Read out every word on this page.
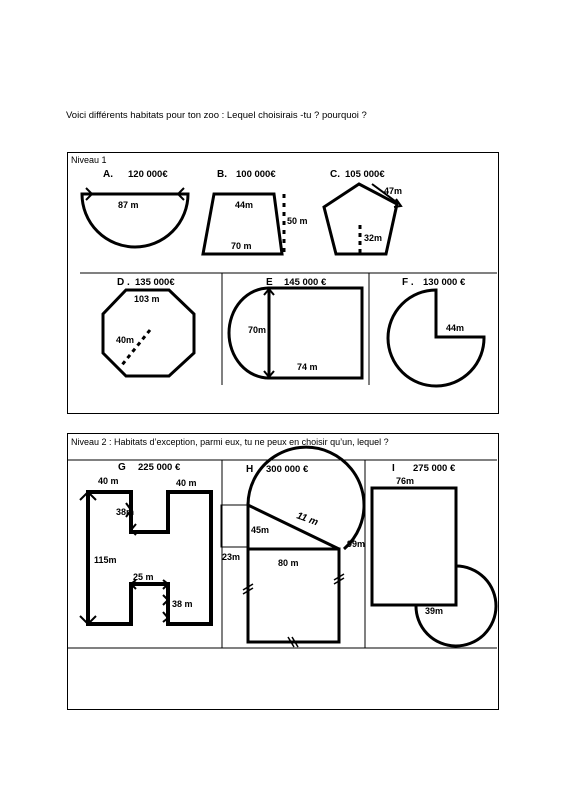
Voici différents habitats pour ton zoo : Lequel choisirais -tu ? pourquoi ?
Niveau 1
A. 120 000€
87 m
B. 100 000€
44m
50 m
70 m
C. 105 000€
47m
32m
D . 135 000€
103 m
40m
E 145 000 €
70m
74 m
F . 130 000 €
44m
Niveau 2 : Habitats d’exception, parmi eux, tu ne peux en choisir qu’un, lequel ?
G 225 000 €
40 m	40 m
38m
115m
25 m
38 m
H 300 000 €
11 m
45m
23m
80 m
99m
I 275 000 €
76m
39m
